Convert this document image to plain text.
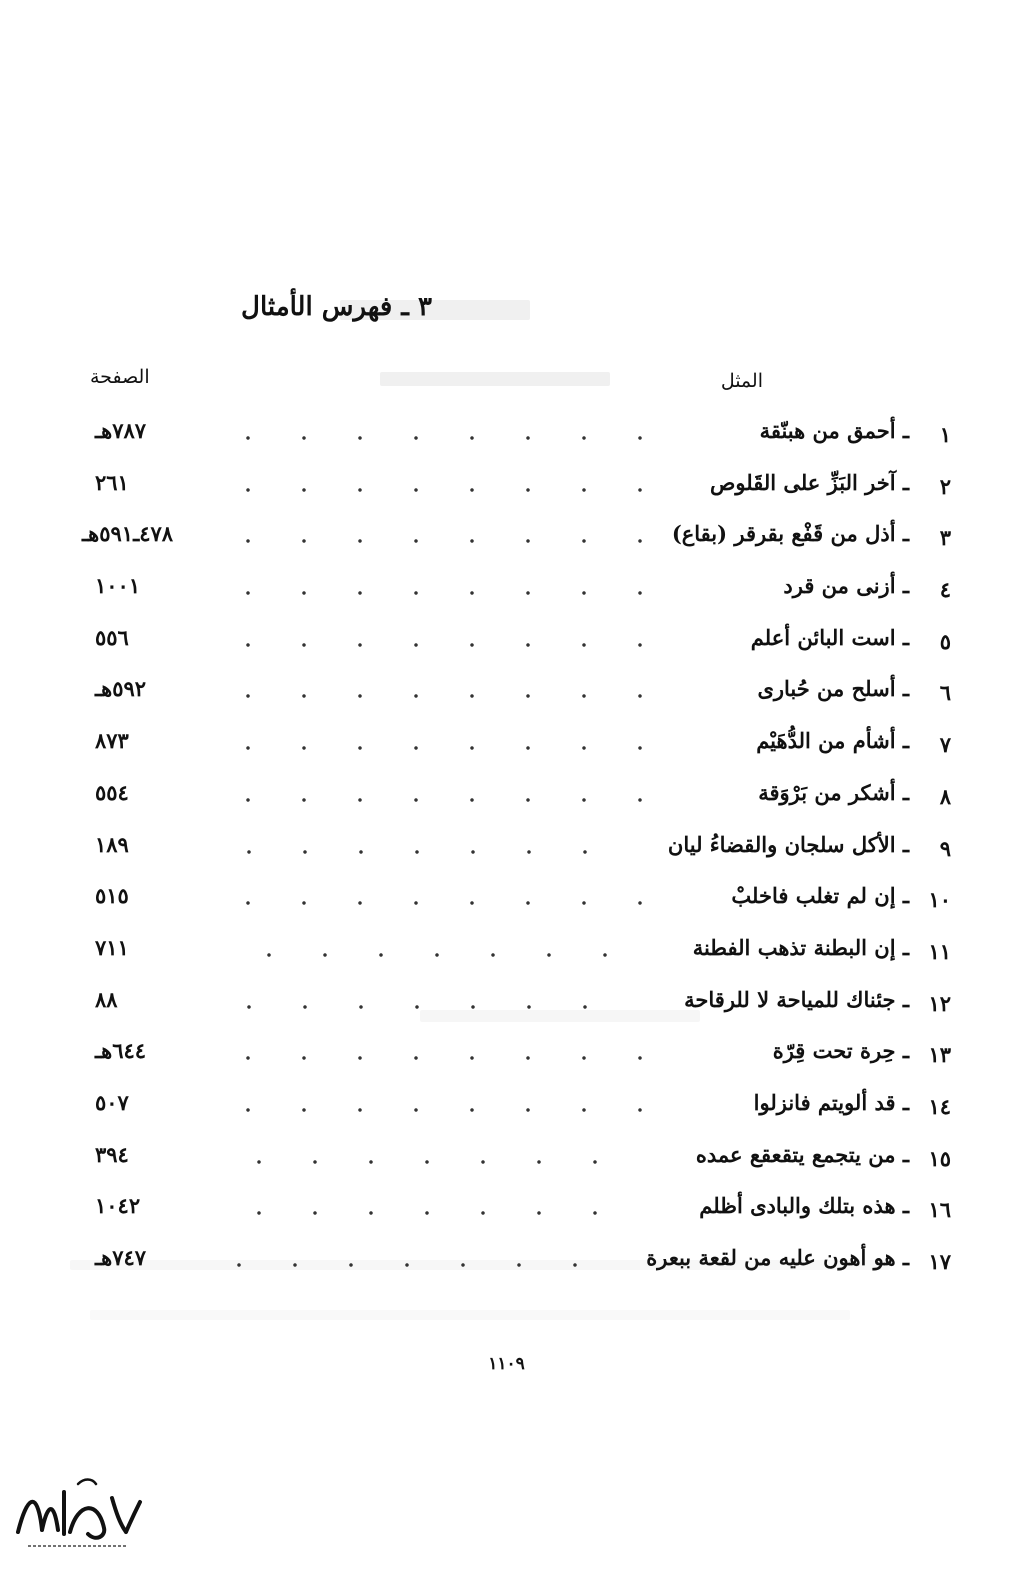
٣ ـ فهرس الأمثال
المثل
الصفحة
١
ـ أحمق من هبنّقة
٧٨٧هـ
٢
ـ آخر البَزِّ على القَلوص
٢٦١
٣
ـ أذل من قَفْع بقرقر (بقاع)
٤٧٨ـ٥٩١هـ
٤
ـ أزنى من قرد
١٠٠١
٥
ـ است البائن أعلم
٥٥٦
٦
ـ أسلح من حُبارى
٥٩٢هـ
٧
ـ أشأم من الدُّهَيْم
٨٧٣
٨
ـ أشكر من بَرْوَقة
٥٥٤
٩
ـ الأكل سلجان والقضاءُ ليان
١٨٩
١٠
ـ إن لم تغلب فاخلبْ
٥١٥
١١
ـ إن البطنة تذهب الفطنة
٧١١
١٢
ـ جئناك للمياحة لا للرقاحة
٨٨
١٣
ـ حِرة تحت قِرّة
٦٤٤هـ
١٤
ـ قد ألويتم فانزلوا
٥٠٧
١٥
ـ من يتجمع يتقعقع عمده
٣٩٤
١٦
ـ هذه بتلك والبادى أظلم
١٠٤٢
١٧
ـ هو أهون عليه من لقعة ببعرة
٧٤٧هـ
١١٠٩
